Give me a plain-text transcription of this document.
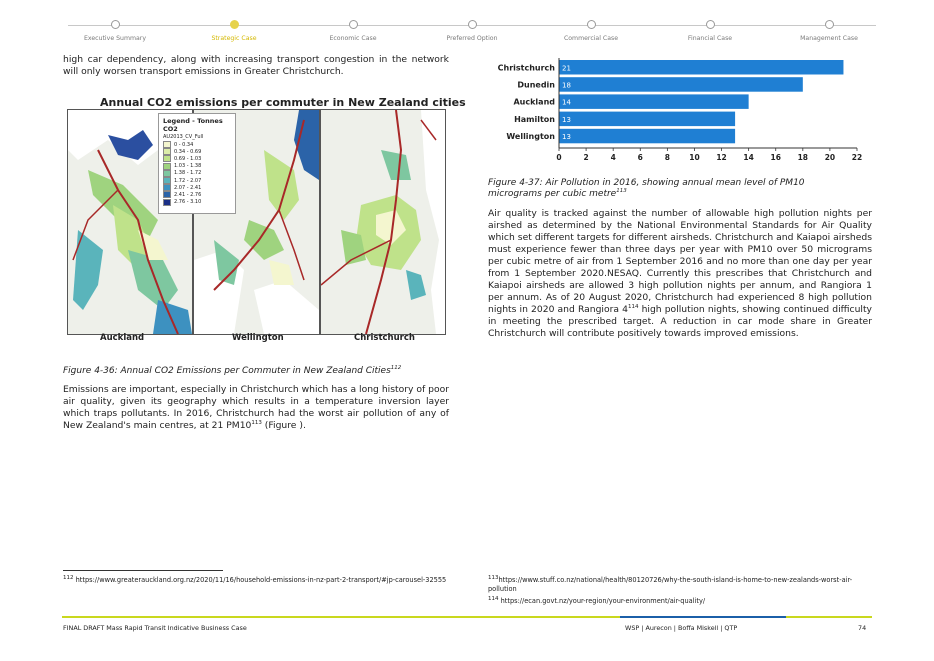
Executive Summary	Strategic Case	Economic Case	Preferred Option	Commercial Case	Financial Case	Management Case
high car dependency, along with increasing transport congestion in the network will only worsen transport emissions in Greater Christchurch.
Annual CO2 emissions per commuter in New Zealand cities
Auckland	Wellington	Christchurch
Legend - Tonnes CO2
AU2013_CV_Full
0 - 0.34
0.34 - 0.69
0.69 - 1.03
1.03 - 1.38
1.38 - 1.72
1.72 - 2.07
2.07 - 2.41
2.41 - 2.76
2.76 - 3.10
Figure 4-36: Annual CO2 Emissions per Commuter in New Zealand Cities$^{112}$
Emissions are important, especially in Christchurch which has a long history of poor air quality, given its geography which results in a temperature inversion layer which traps pollutants. In 2016, Christchurch had the worst air pollution of any of New Zealand's main centres, at 21 $PM10^{113}$ (Figure ).
$^{112}$ https://www.greaterauckland.org.nz/2020/11/16/household-emissions-in-nz-part-2-transport/#jp-carousel-32555
Christchurch 21
Dunedin 18
Auckland 14
Hamilton 13
Wellington 13
0	2	4	6	8	10 12 14 16 18 20 22
Figure 4-37: Air Pollution in 2016, showing annual mean level of PM10 micrograms per cubic metre$^{113}$
Air quality is tracked against the number of allowable high pollution nights per airshed as determined by the National Environmental Standards for Air Quality which set different targets for different airsheds. Christchurch and Kaiapoi airsheds must experience fewer than three days per year with PM10 over 50 micrograms per cubic metre of air from 1 September 2016 and no more than one day per year from 1 September 2020.NESAQ. Currently this prescribes that Christchurch and Kaiapoi airsheds are allowed 3 high pollution nights per annum, and Rangiora 1 per annum. As of 20 August 2020, Christchurch had experienced 8 high pollution nights in 2020 and Rangiora $4^{114}$ high pollution nights, showing continued difficulty in meeting the prescribed target. A reduction in car mode share in Greater Christchurch will contribute positively towards improved emissions.
$^{113}$https://www.stuff.co.nz/national/health/80120726/why-the-south-island-is-home-to-new-zealands-worst-air-pollution
$^{114}$ https://ecan.govt.nz/your-region/your-environment/air-quality/
FINAL DRAFT Mass Rapid Transit Indicative Business Case	WSP | Aurecon | Boffa Miskell | QTP	74
